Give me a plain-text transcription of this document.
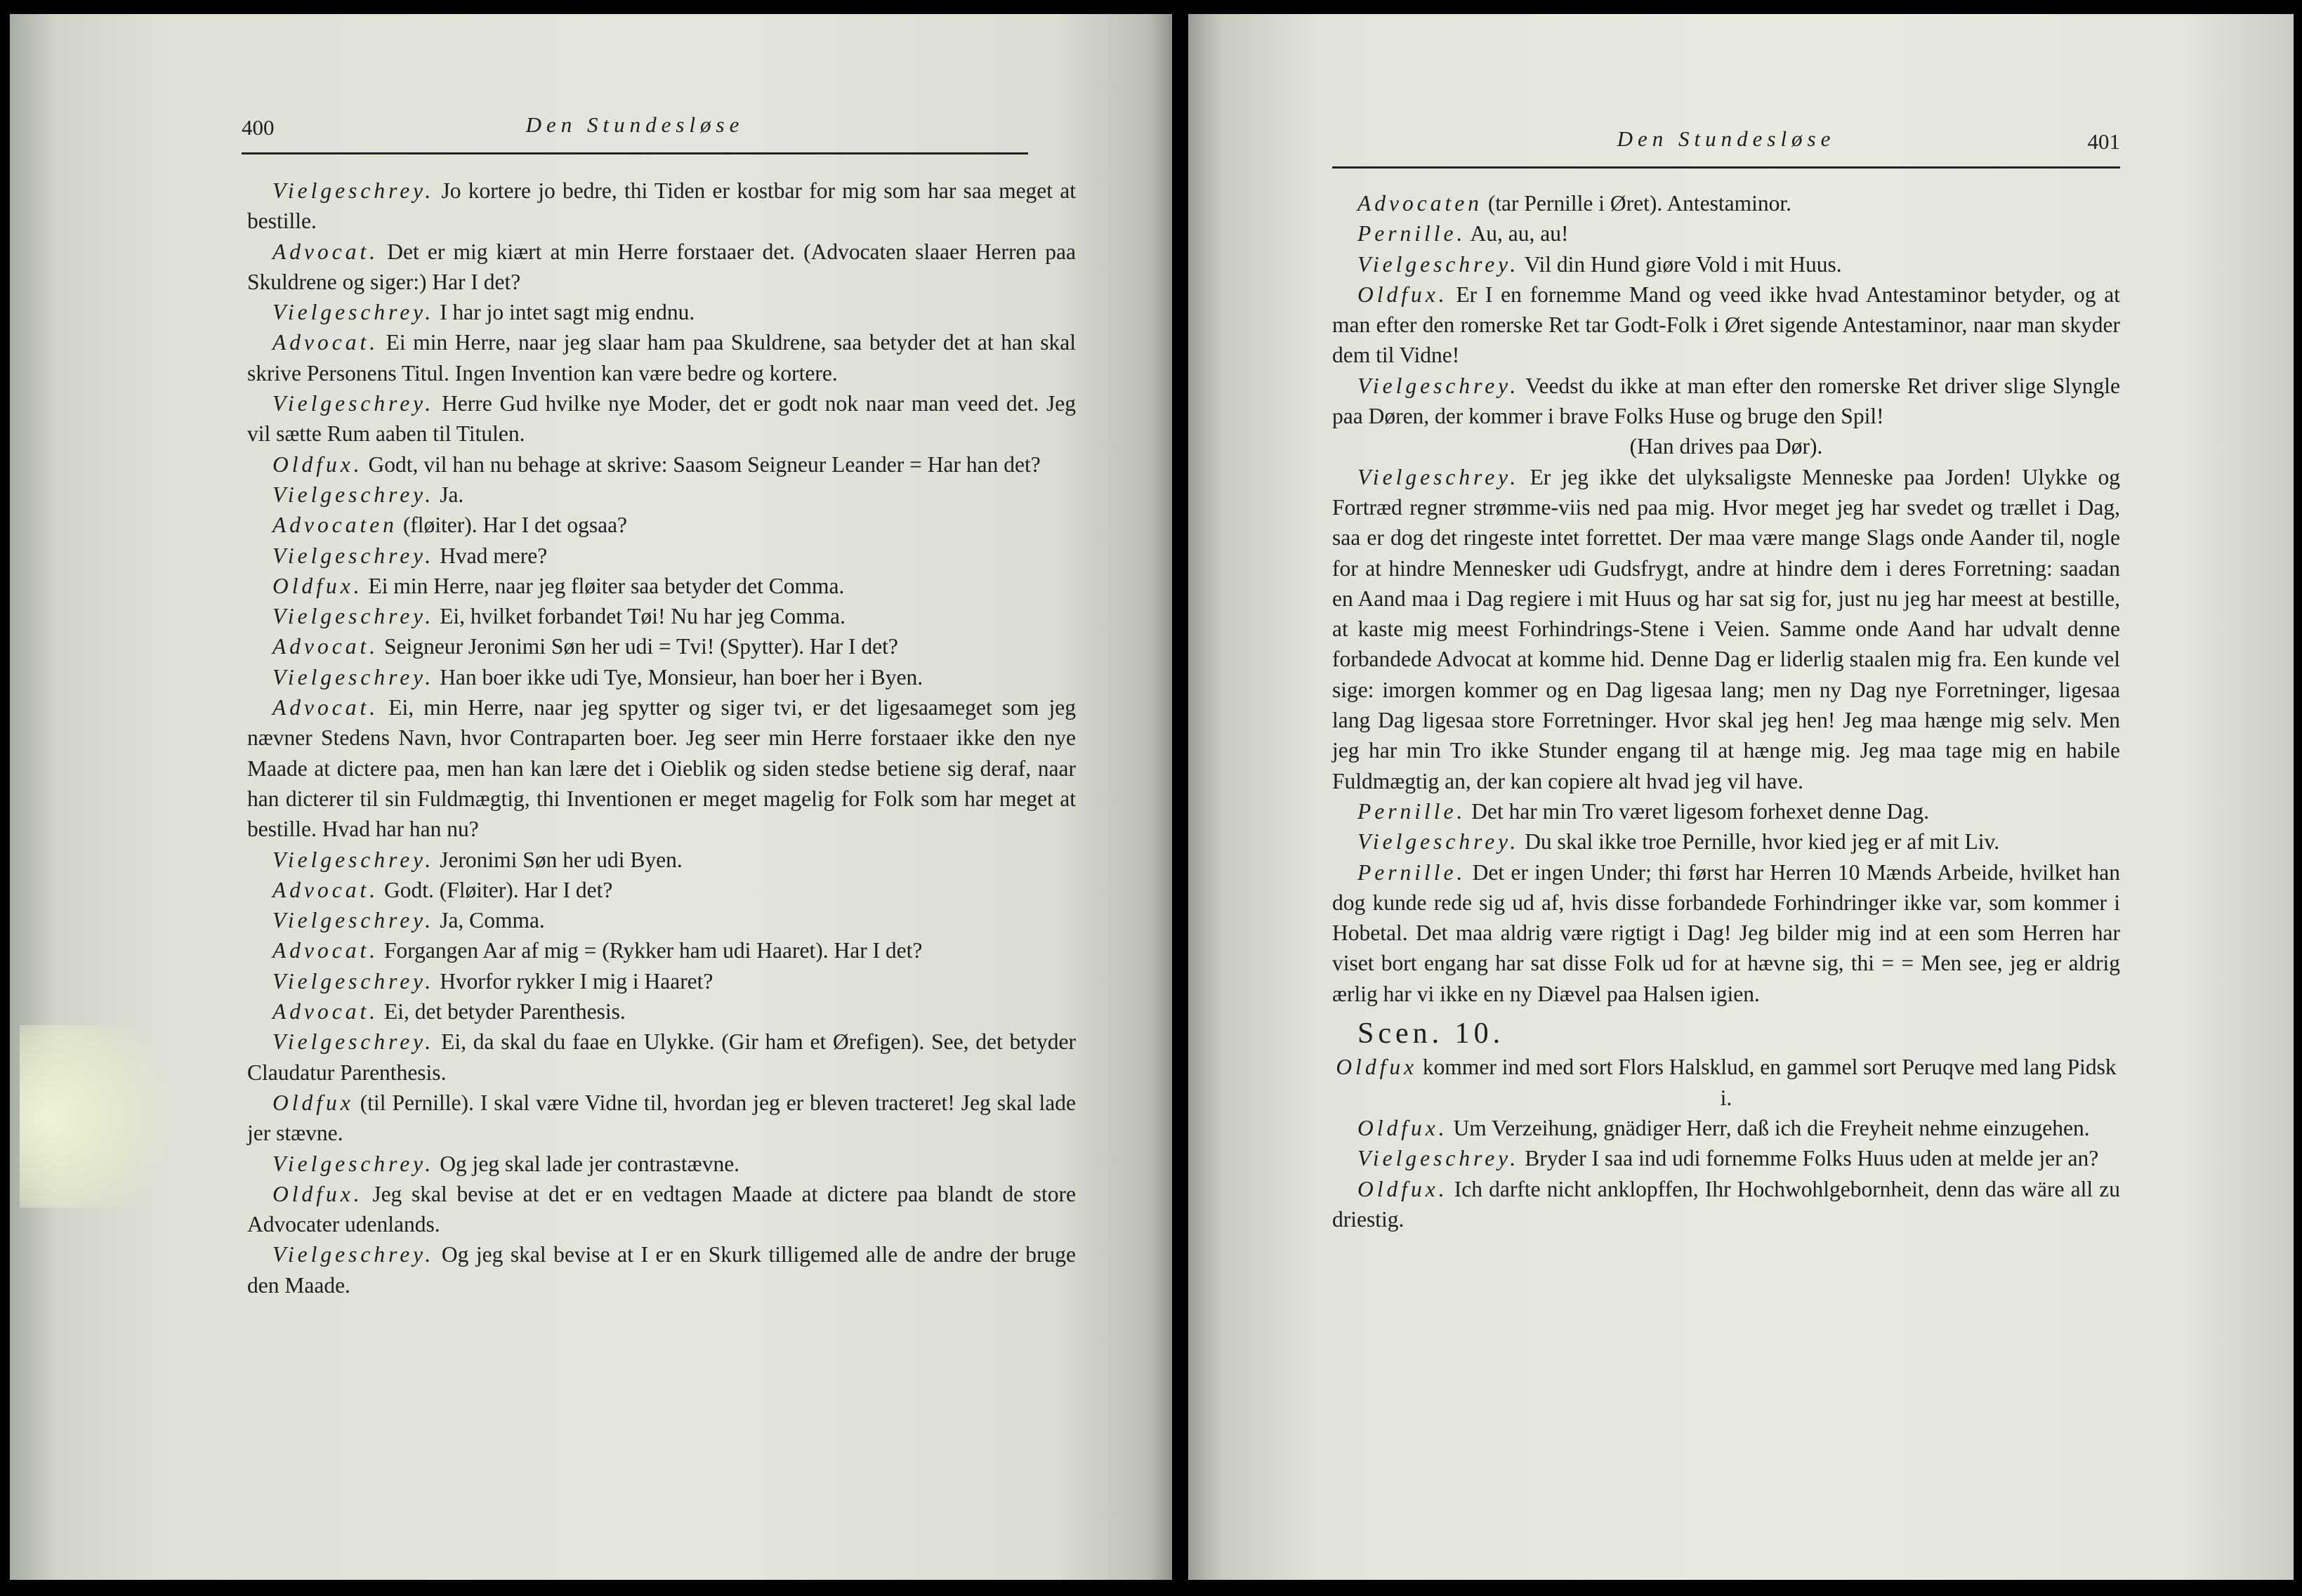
400	Den Stundesløse

Vielgeschrey. Jo kortere jo bedre, thi Tiden er kostbar for mig som har saa meget at bestille.

Advocat. Det er mig kiært at min Herre forstaaer det. (Advocaten slaaer Herren paa Skuldrene og siger:) Har I det?

Vielgeschrey. I har jo intet sagt mig endnu.

Advocat. Ei min Herre, naar jeg slaar ham paa Skuldrene, saa betyder det at han skal skrive Personens Titul. Ingen Invention kan være bedre og kortere.

Vielgeschrey. Herre Gud hvilke nye Moder, det er godt nok naar man veed det. Jeg vil sætte Rum aaben til Titulen.

Oldfux. Godt, vil han nu behage at skrive: Saasom Seigneur Leander = Har han det?

Vielgeschrey. Ja.

Advocaten (fløiter). Har I det ogsaa?

Vielgeschrey. Hvad mere?

Oldfux. Ei min Herre, naar jeg fløiter saa betyder det Comma.

Vielgeschrey. Ei, hvilket forbandet Tøi! Nu har jeg Comma.

Advocat. Seigneur Jeronimi Søn her udi = Tvi! (Spytter). Har I det?

Vielgeschrey. Han boer ikke udi Tye, Monsieur, han boer her i Byen.

Advocat. Ei, min Herre, naar jeg spytter og siger tvi, er det ligesaameget som jeg nævner Stedens Navn, hvor Contraparten boer. Jeg seer min Herre forstaaer ikke den nye Maade at dictere paa, men han kan lære det i Oieblik og siden stedse betiene sig deraf, naar han dicterer til sin Fuldmægtig, thi Inventionen er meget magelig for Folk som har meget at bestille. Hvad har han nu?

Vielgeschrey. Jeronimi Søn her udi Byen.

Advocat. Godt. (Fløiter). Har I det?

Vielgeschrey. Ja, Comma.

Advocat. Forgangen Aar af mig = (Rykker ham udi Haaret). Har I det?

Vielgeschrey. Hvorfor rykker I mig i Haaret?

Advocat. Ei, det betyder Parenthesis.

Vielgeschrey. Ei, da skal du faae en Ulykke. (Gir ham et Ørefigen). See, det betyder Claudatur Parenthesis.

Oldfux (til Pernille). I skal være Vidne til, hvordan jeg er bleven tracteret! Jeg skal lade jer stævne.

Vielgeschrey. Og jeg skal lade jer contrastævne.

Oldfux. Jeg skal bevise at det er en vedtagen Maade at dictere paa blandt de store Advocater udenlands.

Vielgeschrey. Og jeg skal bevise at I er en Skurk tilligemed alle de andre der bruge den Maade.

Den Stundesløse	401

Advocaten (tar Pernille i Øret). Antestaminor.

Pernille. Au, au, au!

Vielgeschrey. Vil din Hund giøre Vold i mit Huus.

Oldfux. Er I en fornemme Mand og veed ikke hvad Antestaminor betyder, og at man efter den romerske Ret tar Godt-Folk i Øret sigende Antestaminor, naar man skyder dem til Vidne!

Vielgeschrey. Veedst du ikke at man efter den romerske Ret driver slige Slyngle paa Døren, der kommer i brave Folks Huse og bruge den Spil!

(Han drives paa Dør).

Vielgeschrey. Er jeg ikke det ulyksaligste Menneske paa Jorden! Ulykke og Fortræd regner strømme-viis ned paa mig. Hvor meget jeg har svedet og trællet i Dag, saa er dog det ringeste intet forrettet. Der maa være mange Slags onde Aander til, nogle for at hindre Mennesker udi Gudsfrygt, andre at hindre dem i deres Forretning: saadan en Aand maa i Dag regiere i mit Huus og har sat sig for, just nu jeg har meest at bestille, at kaste mig meest Forhindrings-Stene i Veien. Samme onde Aand har udvalt denne forbandede Advocat at komme hid. Denne Dag er liderlig staalen mig fra. Een kunde vel sige: imorgen kommer og en Dag ligesaa lang; men ny Dag nye Forretninger, ligesaa lang Dag ligesaa store Forretninger. Hvor skal jeg hen! Jeg maa hænge mig selv. Men jeg har min Tro ikke Stunder engang til at hænge mig. Jeg maa tage mig en habile Fuldmægtig an, der kan copiere alt hvad jeg vil have.

Pernille. Det har min Tro været ligesom forhexet denne Dag.

Vielgeschrey. Du skal ikke troe Pernille, hvor kied jeg er af mit Liv.

Pernille. Det er ingen Under; thi først har Herren 10 Mænds Arbeide, hvilket han dog kunde rede sig ud af, hvis disse forbandede Forhindringer ikke var, som kommer i Hobetal. Det maa aldrig være rigtigt i Dag! Jeg bilder mig ind at een som Herren har viset bort engang har sat disse Folk ud for at hævne sig, thi = = Men see, jeg er aldrig ærlig har vi ikke en ny Diævel paa Halsen igien.

Scen. 10.

Oldfux kommer ind med sort Flors Halsklud, en gammel sort Peruqve med lang Pidsk i.

Oldfux. Um Verzeihung, gnädiger Herr, daß ich die Freyheit nehme einzugehen.

Vielgeschrey. Bryder I saa ind udi fornemme Folks Huus uden at melde jer an?

Oldfux. Ich darfte nicht anklopffen, Ihr Hochwohlgebornheit, denn das wäre all zu driestig.
